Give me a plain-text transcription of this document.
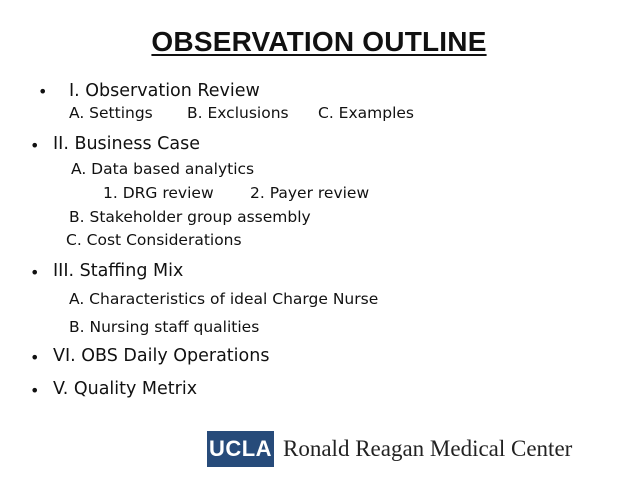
OBSERVATION OUTLINE
• I. Observation Review
A. Settings B. Exclusions C. Examples
• II. Business Case
A. Data based analytics
1. DRG review 2. Payer review
B. Stakeholder group assembly
C. Cost Considerations
• III. Staffing Mix
A. Characteristics of ideal Charge Nurse
B. Nursing staff qualities
• VI. OBS Daily Operations
• V. Quality Metrix
UCLA Ronald Reagan Medical Center
